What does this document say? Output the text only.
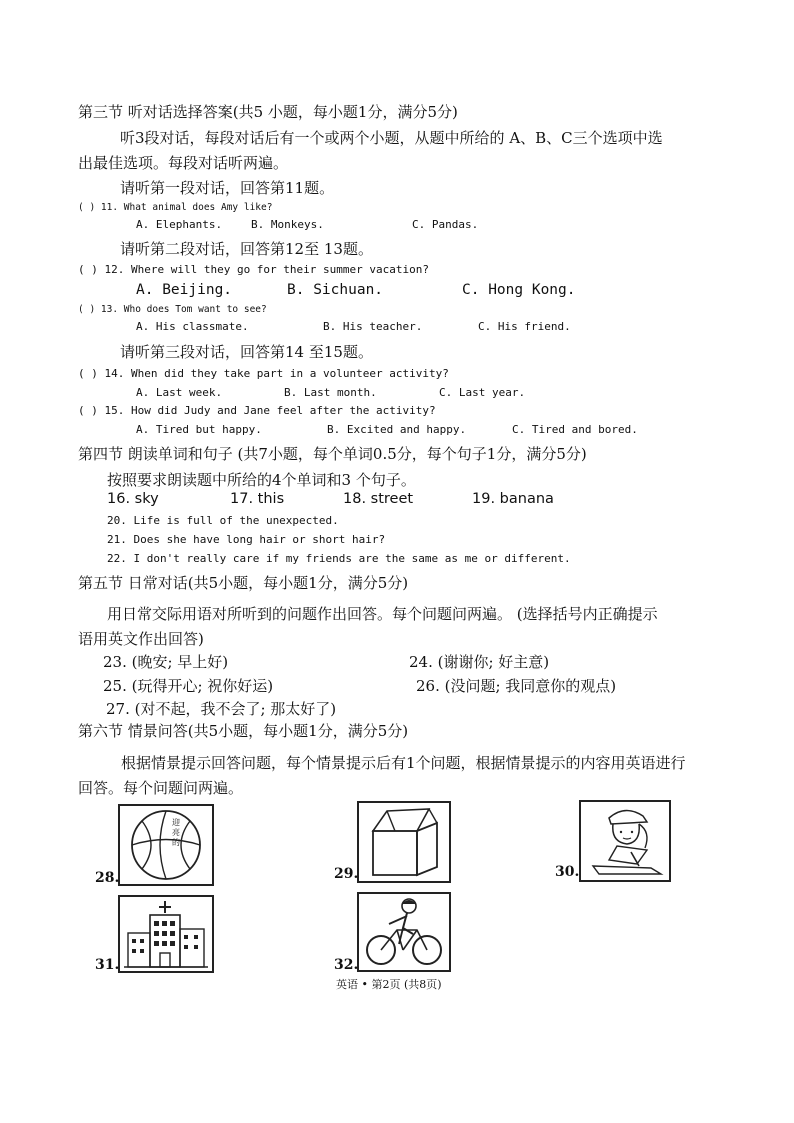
第三节 听对话选择答案(共5 小题，每小题1分，满分5分)
听3段对话，每段对话后有一个或两个小题，从题中所给的 A、B、C三个选项中选
出最佳选项。每段对话听两遍。
请听第一段对话，回答第11题。
( ) 11. What animal does Amy like?
A. Elephants.	B. Monkeys.	C. Pandas.
请听第二段对话，回答第12至 13题。
( ) 12. Where will they go for their summer vacation?
A. Beijing.	B. Sichuan.	C. Hong Kong.
( ) 13. Who does Tom want to see?
A. His classmate.	B. His teacher.	C. His friend.
请听第三段对话，回答第14 至15题。
( ) 14. When did they take part in a volunteer activity?
A. Last week.	B. Last month.	C. Last year.
( ) 15. How did Judy and Jane feel after the activity?
A. Tired but happy.	B. Excited and happy.	C. Tired and bored.
第四节 朗读单词和句子 (共7小题，每个单词0.5分，每个句子1分，满分5分)
按照要求朗读题中所给的4个单词和3 个句子。
16. sky	17. this	18. street	19. banana
20. Life is full of the unexpected.
21. Does she have long hair or short hair?
22. I don't really care if my friends are the same as me or different.
第五节 日常对话(共5小题，每小题1分，满分5分)
用日常交际用语对所听到的问题作出回答。每个问题问两遍。 (选择括号内正确提示
语用英文作出回答)
23. (晚安; 早上好)	24. (谢谢你; 好主意)
25. (玩得开心; 祝你好运)	26. (没问题; 我同意你的观点)
27. (对不起，我不会了; 那太好了)
第六节 情景问答(共5小题，每小题1分，满分5分)
根据情景提示回答问题，每个情景提示后有1个问题，根据情景提示的内容用英语进行
回答。每个问题问两遍。
迎亮的
28.	29.	30.
31.	32.
英语 • 第2页 (共8页)
